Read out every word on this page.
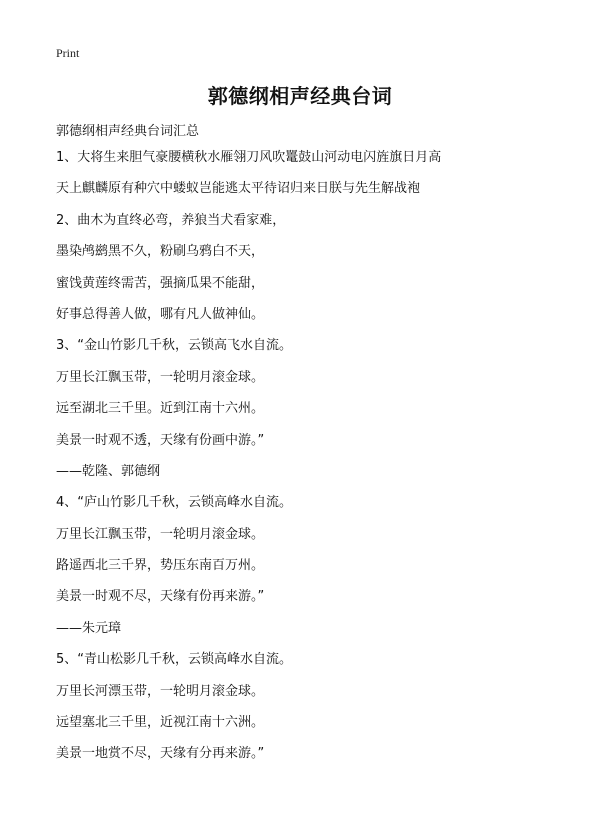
Print
郭德纲相声经典台词
郭德纲相声经典台词汇总
1、大将生来胆气豪腰横秋水雁翎刀风吹鼍鼓山河动电闪旌旗日月高
天上麒麟原有种穴中蝼蚁岂能逃太平待诏归来日朕与先生解战袍
2、曲木为直终必弯，养狼当犬看家难，
墨染鸬鹚黑不久，粉刷乌鸦白不天，
蜜饯黄莲终需苦，强摘瓜果不能甜，
好事总得善人做，哪有凡人做神仙。
3、“金山竹影几千秋，云锁高飞水自流。
万里长江飘玉带，一轮明月滚金球。
远至湖北三千里。近到江南十六州。
美景一时观不透，天缘有份画中游。”
——乾隆、郭德纲
4、“庐山竹影几千秋，云锁高峰水自流。
万里长江飘玉带，一轮明月滚金球。
路遥西北三千界，势压东南百万州。
美景一时观不尽，天缘有份再来游。”
——朱元璋
5、“青山松影几千秋，云锁高峰水自流。
万里长河漂玉带，一轮明月滚金球。
远望塞北三千里，近视江南十六洲。
美景一地赏不尽，天缘有分再来游。”
